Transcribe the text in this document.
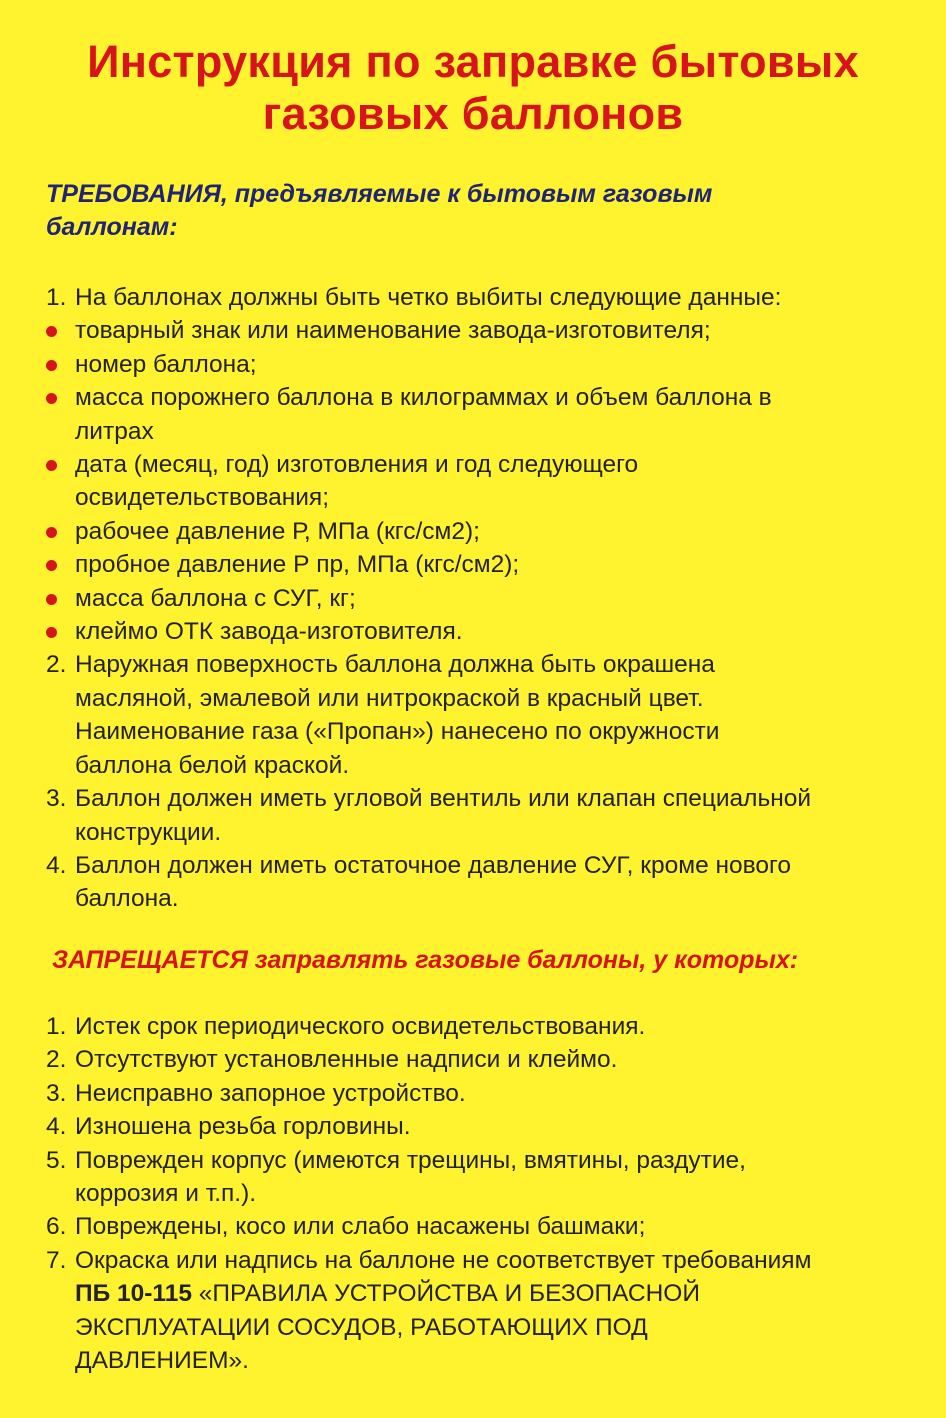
Инструкция по заправке бытовых
газовых баллонов
ТРЕБОВАНИЯ, предъявляемые к бытовым газовым
баллонам:
1. На баллонах должны быть четко выбиты следующие данные:
товарный знак или наименование завода-изготовителя;
номер баллона;
масса порожнего баллона в килограммах и объем баллона в
литрах
дата (месяц, год) изготовления и год следующего
освидетельствования;
рабочее давление Р, МПа (кгс/см2);
пробное давление Р пр, МПа (кгс/см2);
масса баллона с СУГ, кг;
клеймо ОТК завода-изготовителя.
2. Наружная поверхность баллона должна быть окрашена
масляной, эмалевой или нитрокраской в красный цвет.
Наименование газа («Пропан») нанесено по окружности
баллона белой краской.
3. Баллон должен иметь угловой вентиль или клапан специальной
конструкции.
4. Баллон должен иметь остаточное давление СУГ, кроме нового
баллона.
ЗАПРЕЩАЕТСЯ заправлять газовые баллоны, у которых:
1. Истек срок периодического освидетельствования.
2. Отсутствуют установленные надписи и клеймо.
3. Неисправно запорное устройство.
4. Изношена резьба горловины.
5. Поврежден корпус (имеются трещины, вмятины, раздутие,
коррозия и т.п.).
6. Повреждены, косо или слабо насажены башмаки;
7. Окраска или надпись на баллоне не соответствует требованиям
ПБ 10-115 «ПРАВИЛА УСТРОЙСТВА И БЕЗОПАСНОЙ
ЭКСПЛУАТАЦИИ СОСУДОВ, РАБОТАЮЩИХ ПОД
ДАВЛЕНИЕМ».
